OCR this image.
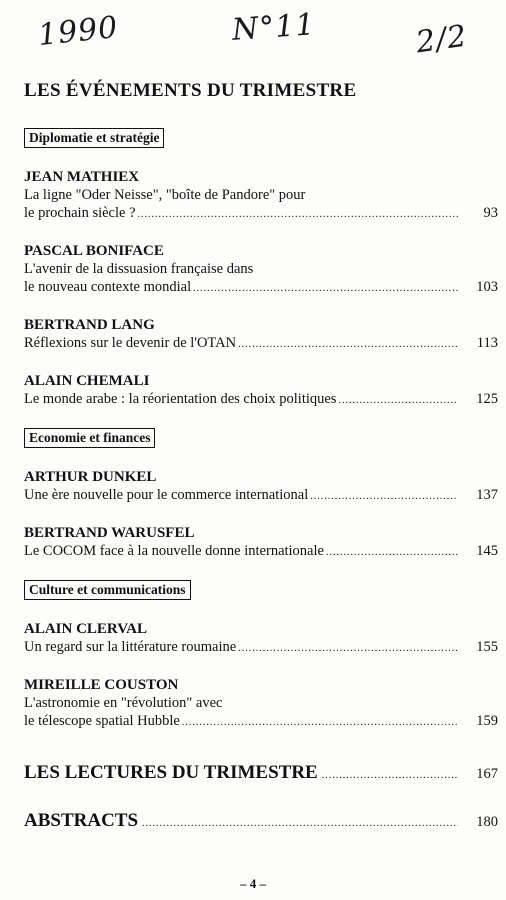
1990	N°11	2/2
LES ÉVÉNEMENTS DU TRIMESTRE
Diplomatie et stratégie
JEAN MATHIEX
La ligne "Oder Neisse", "boîte de Pandore" pour
le prochain siècle ? .....	93
PASCAL BONIFACE
L'avenir de la dissuasion française dans
le nouveau contexte mondial .....	103
BERTRAND LANG
Réflexions sur le devenir de l'OTAN .....	113
ALAIN CHEMALI
Le monde arabe : la réorientation des choix politiques .....	125
Economie et finances
ARTHUR DUNKEL
Une ère nouvelle pour le commerce international .....	137
BERTRAND WARUSFEL
Le COCOM face à la nouvelle donne internationale .....	145
Culture et communications
ALAIN CLERVAL
Un regard sur la littérature roumaine .....	155
MIREILLE COUSTON
L'astronomie en "révolution" avec
le télescope spatial Hubble .....	159
LES LECTURES DU TRIMESTRE .....	167
ABSTRACTS .....	180
– 4 –
